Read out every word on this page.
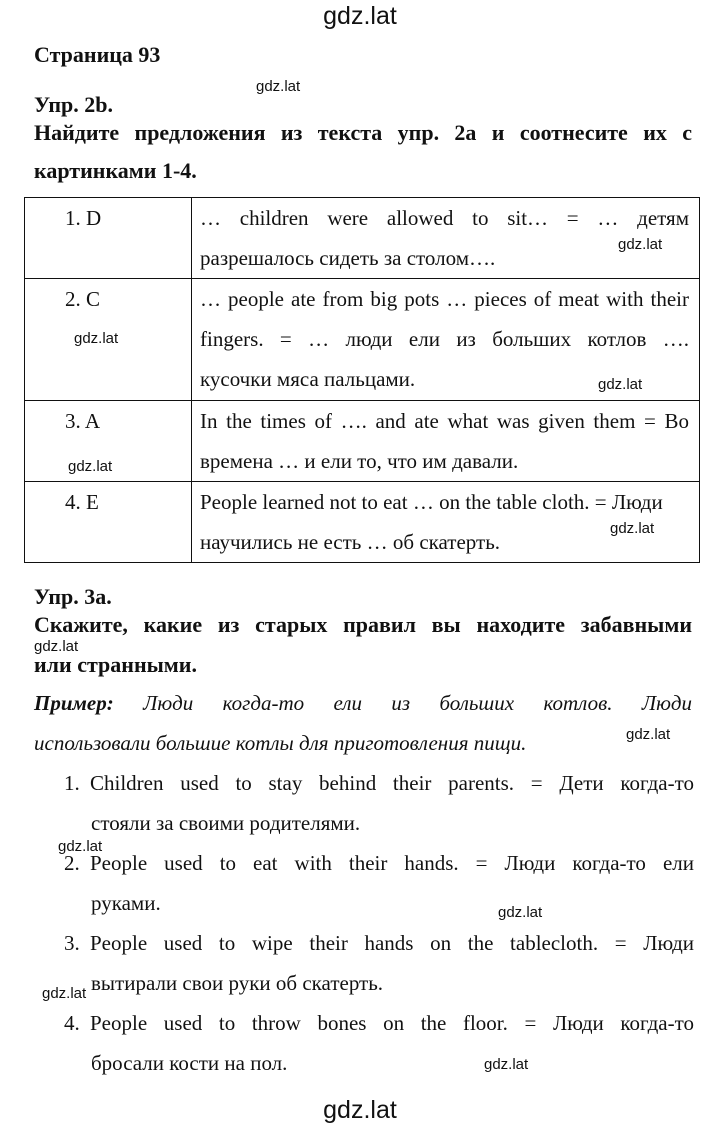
gdz.lat
Страница 93
gdz.lat
Упр. 2b.
Найдите предложения из текста упр. 2а и соотнесите их с
картинками 1-4.
1. D	… children were allowed to sit… = … детям
разрешалось сидеть за столом….

2. C	… people ate from big pots … pieces of meat with their
fingers. = … люди ели из больших котлов ….
кусочки мяса пальцами.

3. A	In the times of …. and ate what was given them = Во
времена … и ели то, что им давали.

4. E	People learned not to eat … on the table cloth. = Люди
научились не есть … об скатерть.
gdz.lat
gdz.lat
gdz.lat
gdz.lat
gdz.lat
Упр. 3a.
Скажите, какие из старых правил вы находите забавными
gdz.lat
или странными.
Пример: Люди когда-то ели из больших котлов. Люди
использовали большие котлы для приготовления пищи.	gdz.lat
1. Children used to stay behind their parents. = Дети когда-то
стояли за своими родителями.
2. People used to eat with their hands. = Люди когда-то ели
руками.
3. People used to wipe their hands on the tablecloth. = Люди
вытирали свои руки об скатерть.
4. People used to throw bones on the floor. = Люди когда-то
бросали кости на пол.
gdz.lat
gdz.lat
gdz.lat
gdz.lat
gdz.lat
